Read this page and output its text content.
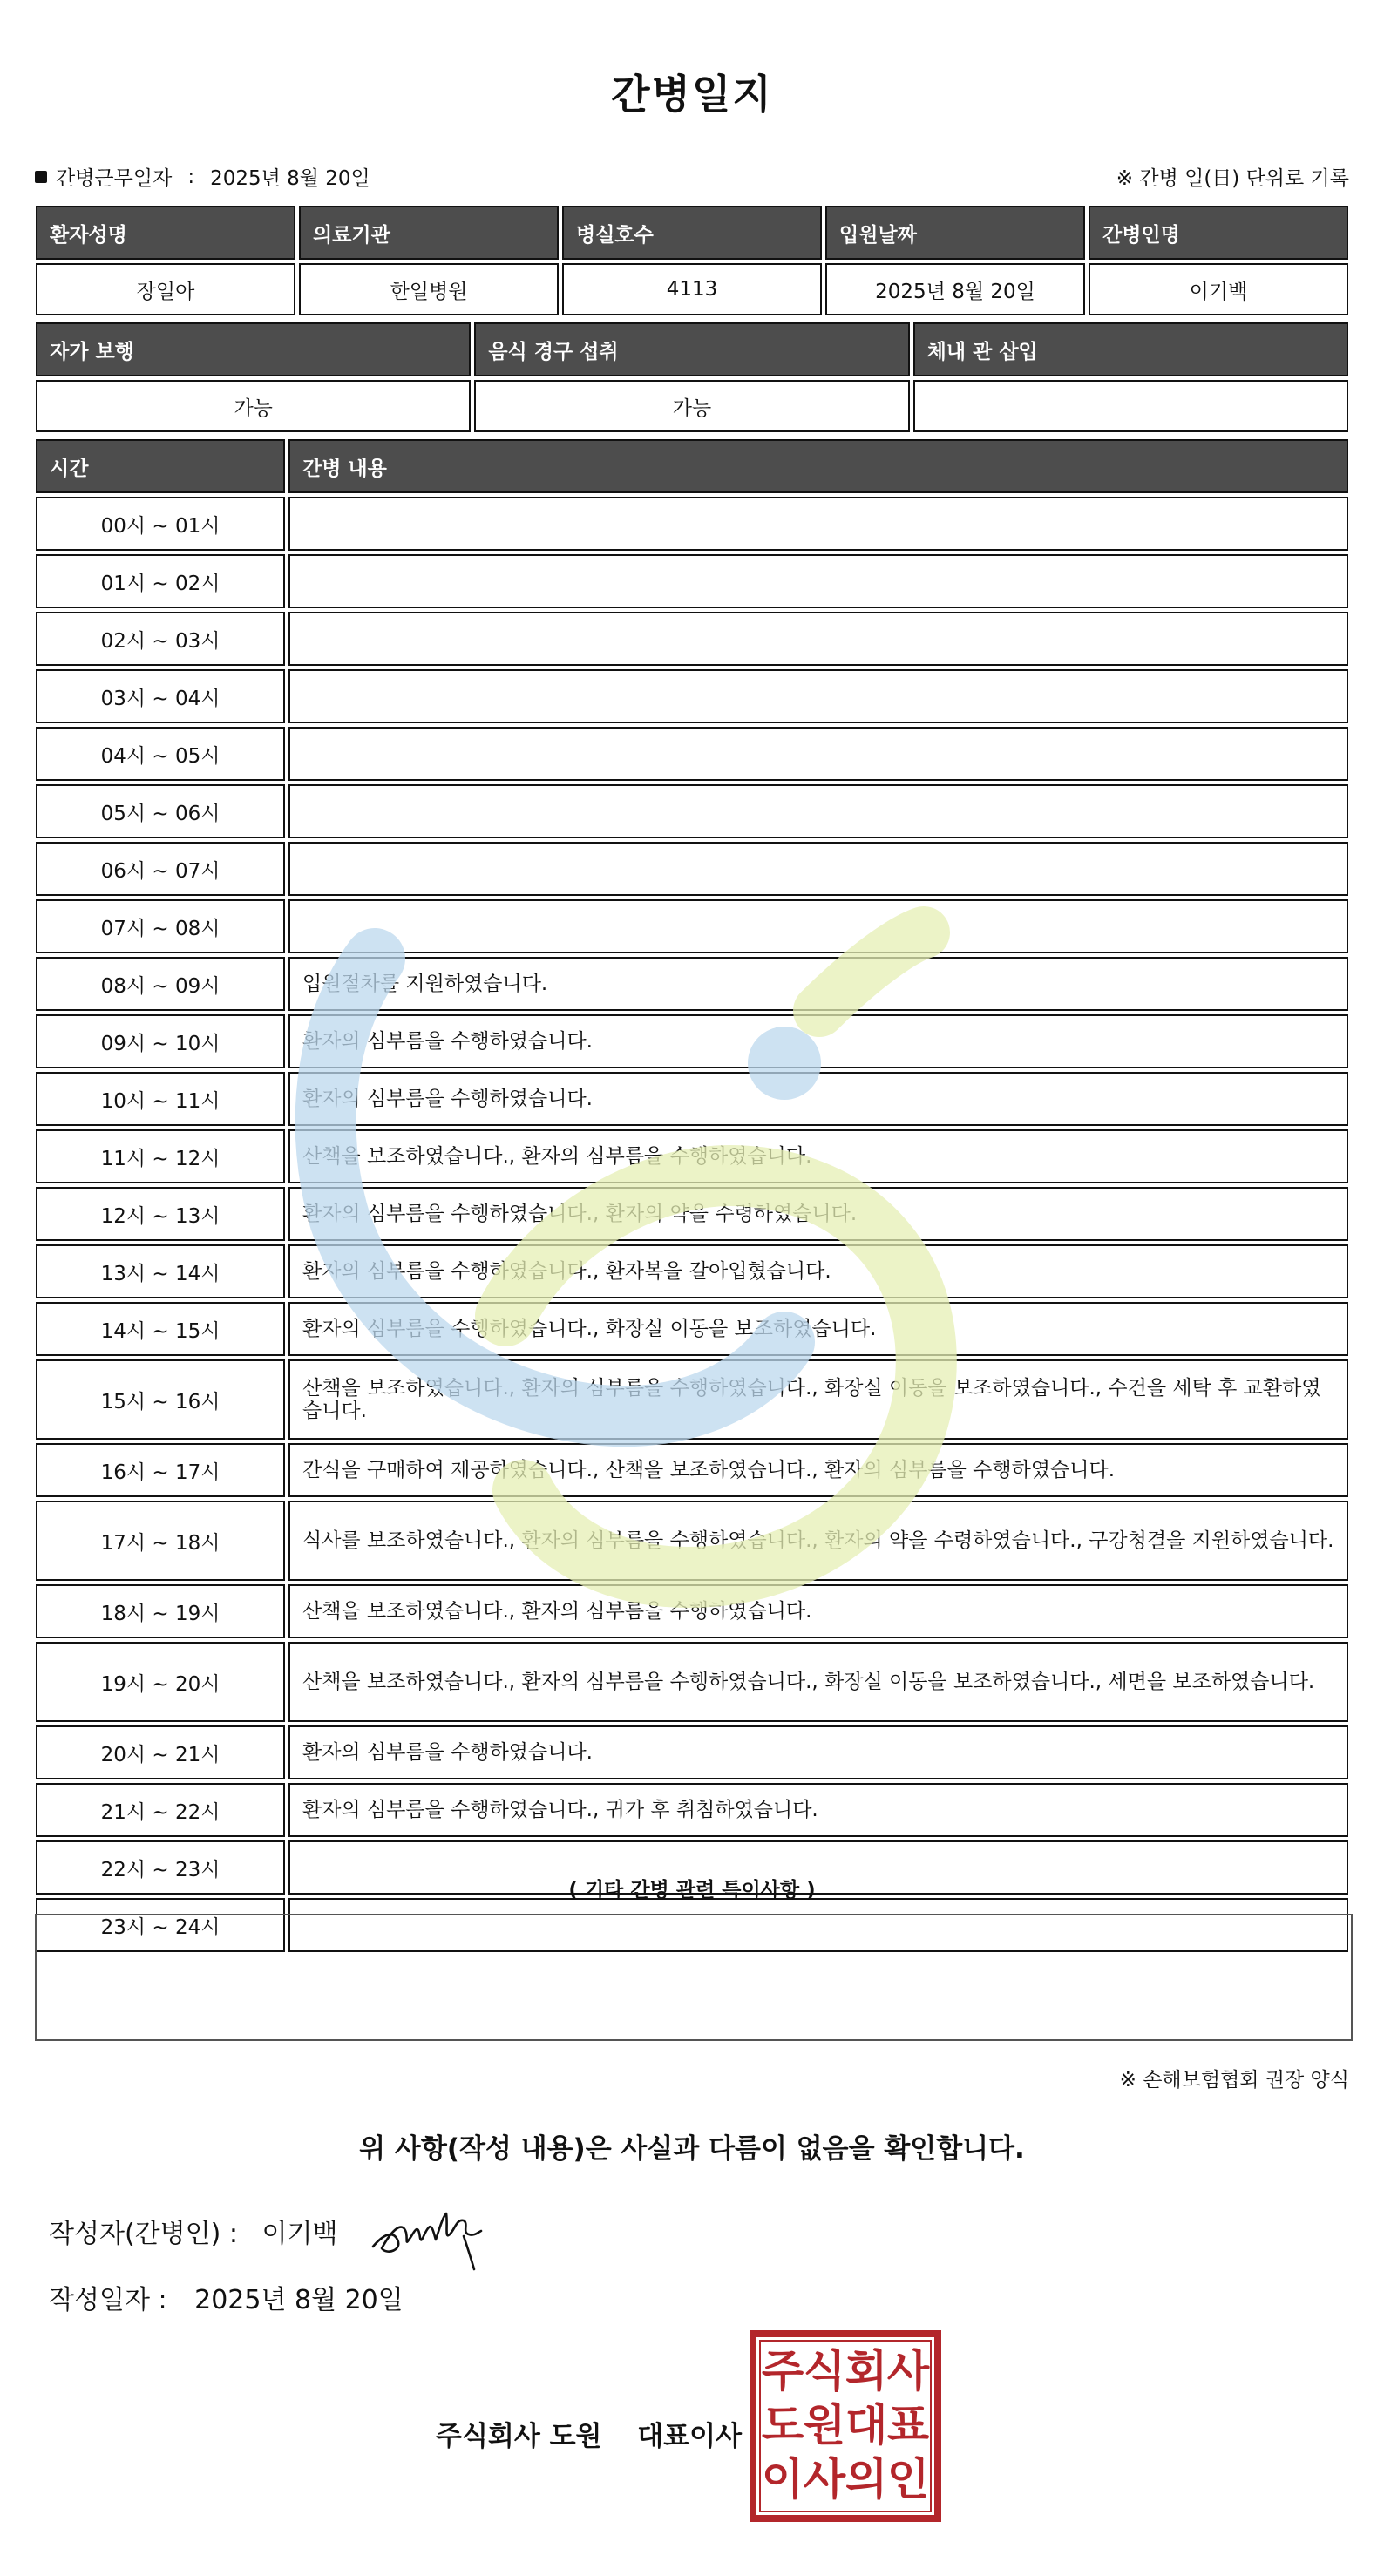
간병일지
간병근무일자 : 2025년 8월 20일	※ 간병 일(日) 단위로 기록
환자성명	의료기관	병실호수	입원날짜	간병인명
장일아	한일병원	4113	2025년 8월 20일	이기백
자가 보행	음식 경구 섭취	체내 관 삽입
가능	가능	
시간	간병 내용
00시 ~ 01시	
01시 ~ 02시	
02시 ~ 03시	
03시 ~ 04시	
04시 ~ 05시	
05시 ~ 06시	
06시 ~ 07시	
07시 ~ 08시	
08시 ~ 09시	입원절차를 지원하였습니다.
09시 ~ 10시	환자의 심부름을 수행하였습니다.
10시 ~ 11시	환자의 심부름을 수행하였습니다.
11시 ~ 12시	산책을 보조하였습니다., 환자의 심부름을 수행하였습니다.
12시 ~ 13시	환자의 심부름을 수행하였습니다., 환자의 약을 수령하였습니다.
13시 ~ 14시	환자의 심부름을 수행하였습니다., 환자복을 갈아입혔습니다.
14시 ~ 15시	환자의 심부름을 수행하였습니다., 화장실 이동을 보조하였습니다.
15시 ~ 16시	산책을 보조하였습니다., 환자의 심부름을 수행하였습니다., 화장실 이동을 보조하였습니다., 수건을 세탁 후 교환하였습니다.
16시 ~ 17시	간식을 구매하여 제공하였습니다., 산책을 보조하였습니다., 환자의 심부름을 수행하였습니다.
17시 ~ 18시	식사를 보조하였습니다., 환자의 심부름을 수행하였습니다., 환자의 약을 수령하였습니다., 구강청결을 지원하였습니다.
18시 ~ 19시	산책을 보조하였습니다., 환자의 심부름을 수행하였습니다.
19시 ~ 20시	산책을 보조하였습니다., 환자의 심부름을 수행하였습니다., 화장실 이동을 보조하였습니다., 세면을 보조하였습니다.
20시 ~ 21시	환자의 심부름을 수행하였습니다.
21시 ~ 22시	환자의 심부름을 수행하였습니다., 귀가 후 취침하였습니다.
22시 ~ 23시	
23시 ~ 24시	
( 기타 간병 관련 특이사항 )
※ 손해보험협회 권장 양식
위 사항(작성 내용)은 사실과 다름이 없음을 확인합니다.
작성자(간병인) : 이기백
작성일자 : 2025년 8월 20일
주식회사 도원 대표이사
주 식 회 사
도 원 대 표
이 사 의 인
